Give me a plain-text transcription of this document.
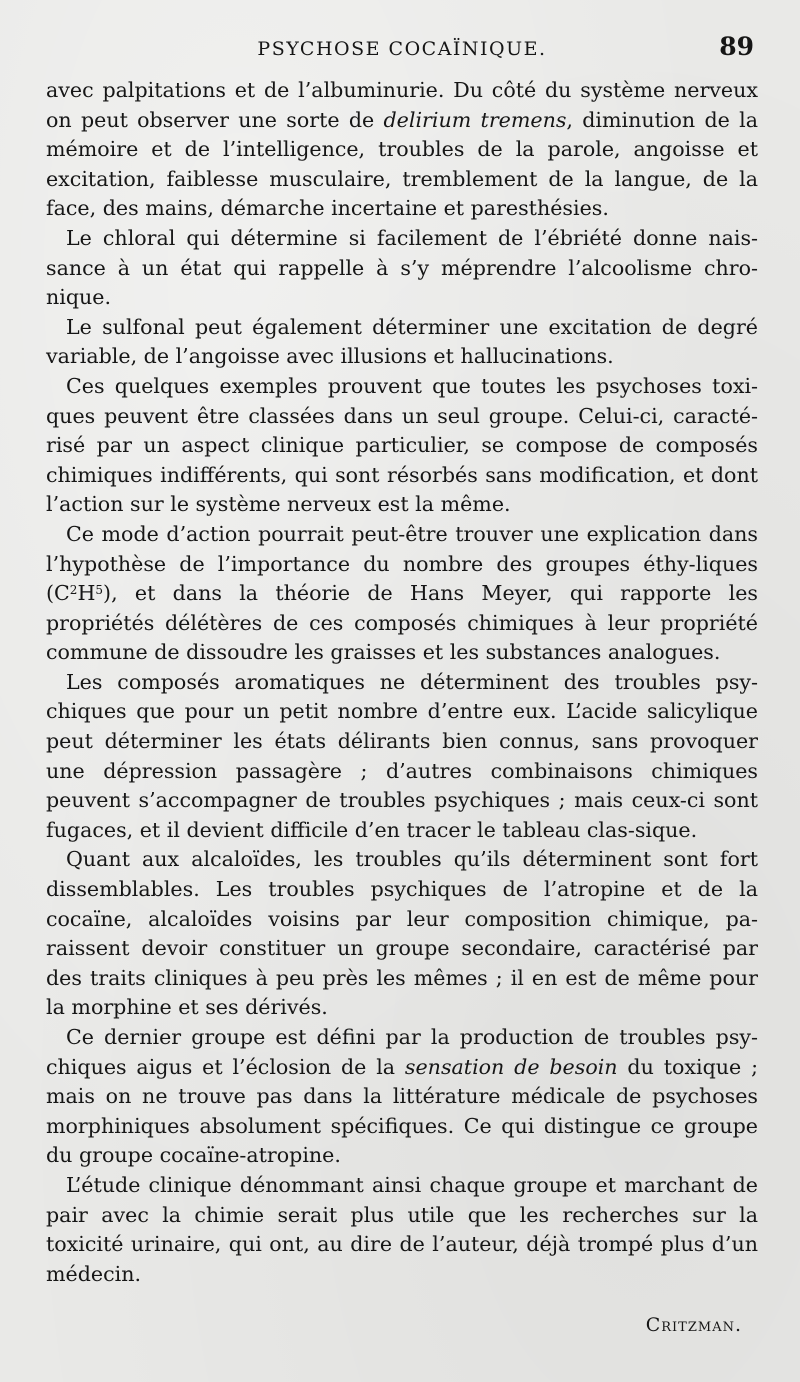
PSYCHOSE COCAÏNIQUE.	89

avec palpitations et de l’albuminurie. Du côté du système nerveux on peut observer une sorte de delirium tremens, diminution de la mémoire et de l’intelligence, troubles de la parole, angoisse et excitation, faiblesse musculaire, tremblement de la langue, de la face, des mains, démarche incertaine et paresthésies.

Le chloral qui détermine si facilement de l’ébriété donne nais-sance à un état qui rappelle à s’y méprendre l’alcoolisme chro-nique.

Le sulfonal peut également déterminer une excitation de degré variable, de l’angoisse avec illusions et hallucinations.

Ces quelques exemples prouvent que toutes les psychoses toxi-ques peuvent être classées dans un seul groupe. Celui-ci, caracté-risé par un aspect clinique particulier, se compose de composés chimiques indifférents, qui sont résorbés sans modification, et dont l’action sur le système nerveux est la même.

Ce mode d’action pourrait peut-être trouver une explication dans l’hypothèse de l’importance du nombre des groupes éthy-liques $(C^2H^5)$, et dans la théorie de Hans Meyer, qui rapporte les propriétés délétères de ces composés chimiques à leur propriété commune de dissoudre les graisses et les substances analogues.

Les composés aromatiques ne déterminent des troubles psy-chiques que pour un petit nombre d’entre eux. L’acide salicylique peut déterminer les états délirants bien connus, sans provoquer une dépression passagère ; d’autres combinaisons chimiques peuvent s’accompagner de troubles psychiques ; mais ceux-ci sont fugaces, et il devient difficile d’en tracer le tableau clas-sique.

Quant aux alcaloïdes, les troubles qu’ils déterminent sont fort dissemblables. Les troubles psychiques de l’atropine et de la cocaïne, alcaloïdes voisins par leur composition chimique, pa-raissent devoir constituer un groupe secondaire, caractérisé par des traits cliniques à peu près les mêmes ; il en est de même pour la morphine et ses dérivés.

Ce dernier groupe est défini par la production de troubles psy-chiques aigus et l’éclosion de la sensation de besoin du toxique ; mais on ne trouve pas dans la littérature médicale de psychoses morphiniques absolument spécifiques. Ce qui distingue ce groupe du groupe cocaïne-atropine.

L’étude clinique dénommant ainsi chaque groupe et marchant de pair avec la chimie serait plus utile que les recherches sur la toxicité urinaire, qui ont, au dire de l’auteur, déjà trompé plus d’un médecin.

Critzman.
